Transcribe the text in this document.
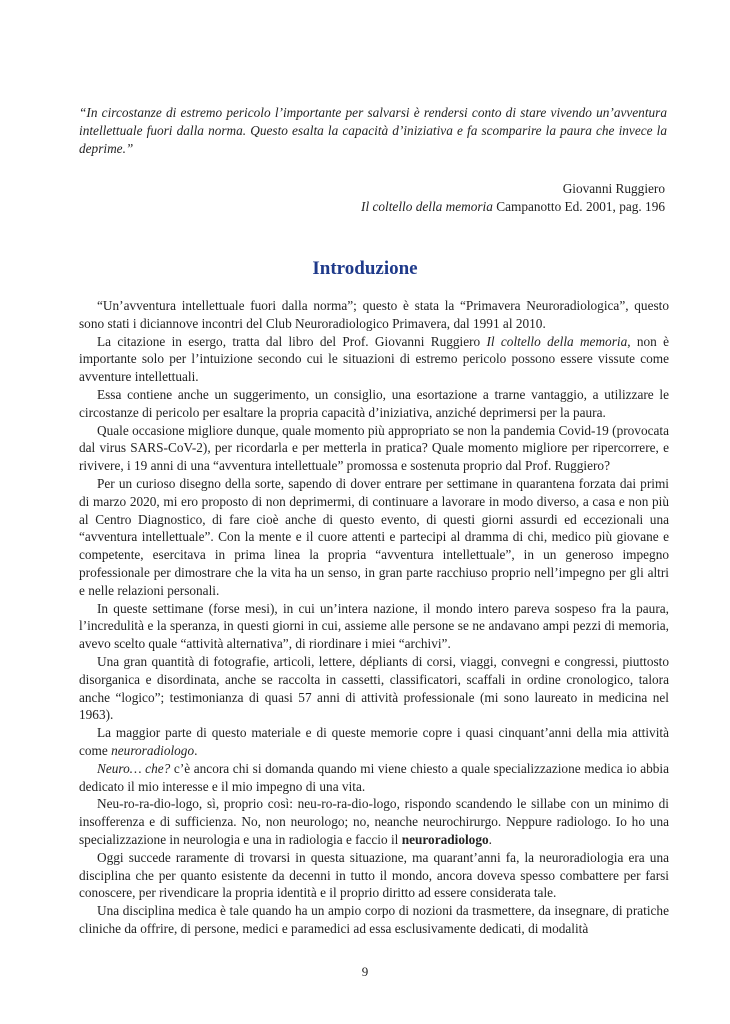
“In circostanze di estremo pericolo l’importante per salvarsi è rendersi conto di stare vivendo un’avventura intellettuale fuori dalla norma. Questo esalta la capacità d’iniziativa e fa scomparire la paura che invece la deprime.”

Giovanni Ruggiero
Il coltello della memoria Campanotto Ed. 2001, pag. 196
Introduzione

“Un’avventura intellettuale fuori dalla norma”; questo è stata la “Primavera Neuroradiologica”, questo sono stati i diciannove incontri del Club Neuroradiologico Primavera, dal 1991 al 2010.

La citazione in esergo, tratta dal libro del Prof. Giovanni Ruggiero Il coltello della memoria, non è importante solo per l’intuizione secondo cui le situazioni di estremo pericolo possono essere vissute come avventure intellettuali.

Essa contiene anche un suggerimento, un consiglio, una esortazione a trarne vantaggio, a utilizzare le circostanze di pericolo per esaltare la propria capacità d’iniziativa, anziché deprimersi per la paura.

Quale occasione migliore dunque, quale momento più appropriato se non la pandemia Covid-19 (provocata dal virus SARS-CoV-2), per ricordarla e per metterla in pratica? Quale momento migliore per ripercorrere, e rivivere, i 19 anni di una “avventura intellettuale” promossa e sostenuta proprio dal Prof. Ruggiero?

Per un curioso disegno della sorte, sapendo di dover entrare per settimane in quarantena forzata dai primi di marzo 2020, mi ero proposto di non deprimermi, di continuare a lavorare in modo diverso, a casa e non più al Centro Diagnostico, di fare cioè anche di questo evento, di questi giorni assurdi ed eccezionali una “avventura intellettuale”. Con la mente e il cuore attenti e partecipi al dramma di chi, medico più giovane e competente, esercitava in prima linea la propria “avventura intellettuale”, in un generoso impegno professionale per dimostrare che la vita ha un senso, in gran parte racchiuso proprio nell’impegno per gli altri e nelle relazioni personali.

In queste settimane (forse mesi), in cui un’intera nazione, il mondo intero pareva sospeso fra la paura, l’incredulità e la speranza, in questi giorni in cui, assieme alle persone se ne andavano ampi pezzi di memoria, avevo scelto quale “attività alternativa”, di riordinare i miei “archivi”.

Una gran quantità di fotografie, articoli, lettere, dépliants di corsi, viaggi, convegni e congressi, piuttosto disorganica e disordinata, anche se raccolta in cassetti, classificatori, scaffali in ordine cronologico, talora anche “logico”; testimonianza di quasi 57 anni di attività professionale (mi sono laureato in medicina nel 1963).

La maggior parte di questo materiale e di queste memorie copre i quasi cinquant’anni della mia attività come neuroradiologo.

Neuro… che? c’è ancora chi si domanda quando mi viene chiesto a quale specializzazione medica io abbia dedicato il mio interesse e il mio impegno di una vita.

Neu-ro-ra-dio-logo, sì, proprio così: neu-ro-ra-dio-logo, rispondo scandendo le sillabe con un minimo di insofferenza e di sufficienza. No, non neurologo; no, neanche neurochirurgo. Neppure radiologo. Io ho una specializzazione in neurologia e una in radiologia e faccio il neuroradiologo.

Oggi succede raramente di trovarsi in questa situazione, ma quarant’anni fa, la neuroradiologia era una disciplina che per quanto esistente da decenni in tutto il mondo, ancora doveva spesso combattere per farsi conoscere, per rivendicare la propria identità e il proprio diritto ad essere considerata tale.

Una disciplina medica è tale quando ha un ampio corpo di nozioni da trasmettere, da insegnare, di pratiche cliniche da offrire, di persone, medici e paramedici ad essa esclusivamente dedicati, di modalità

9
